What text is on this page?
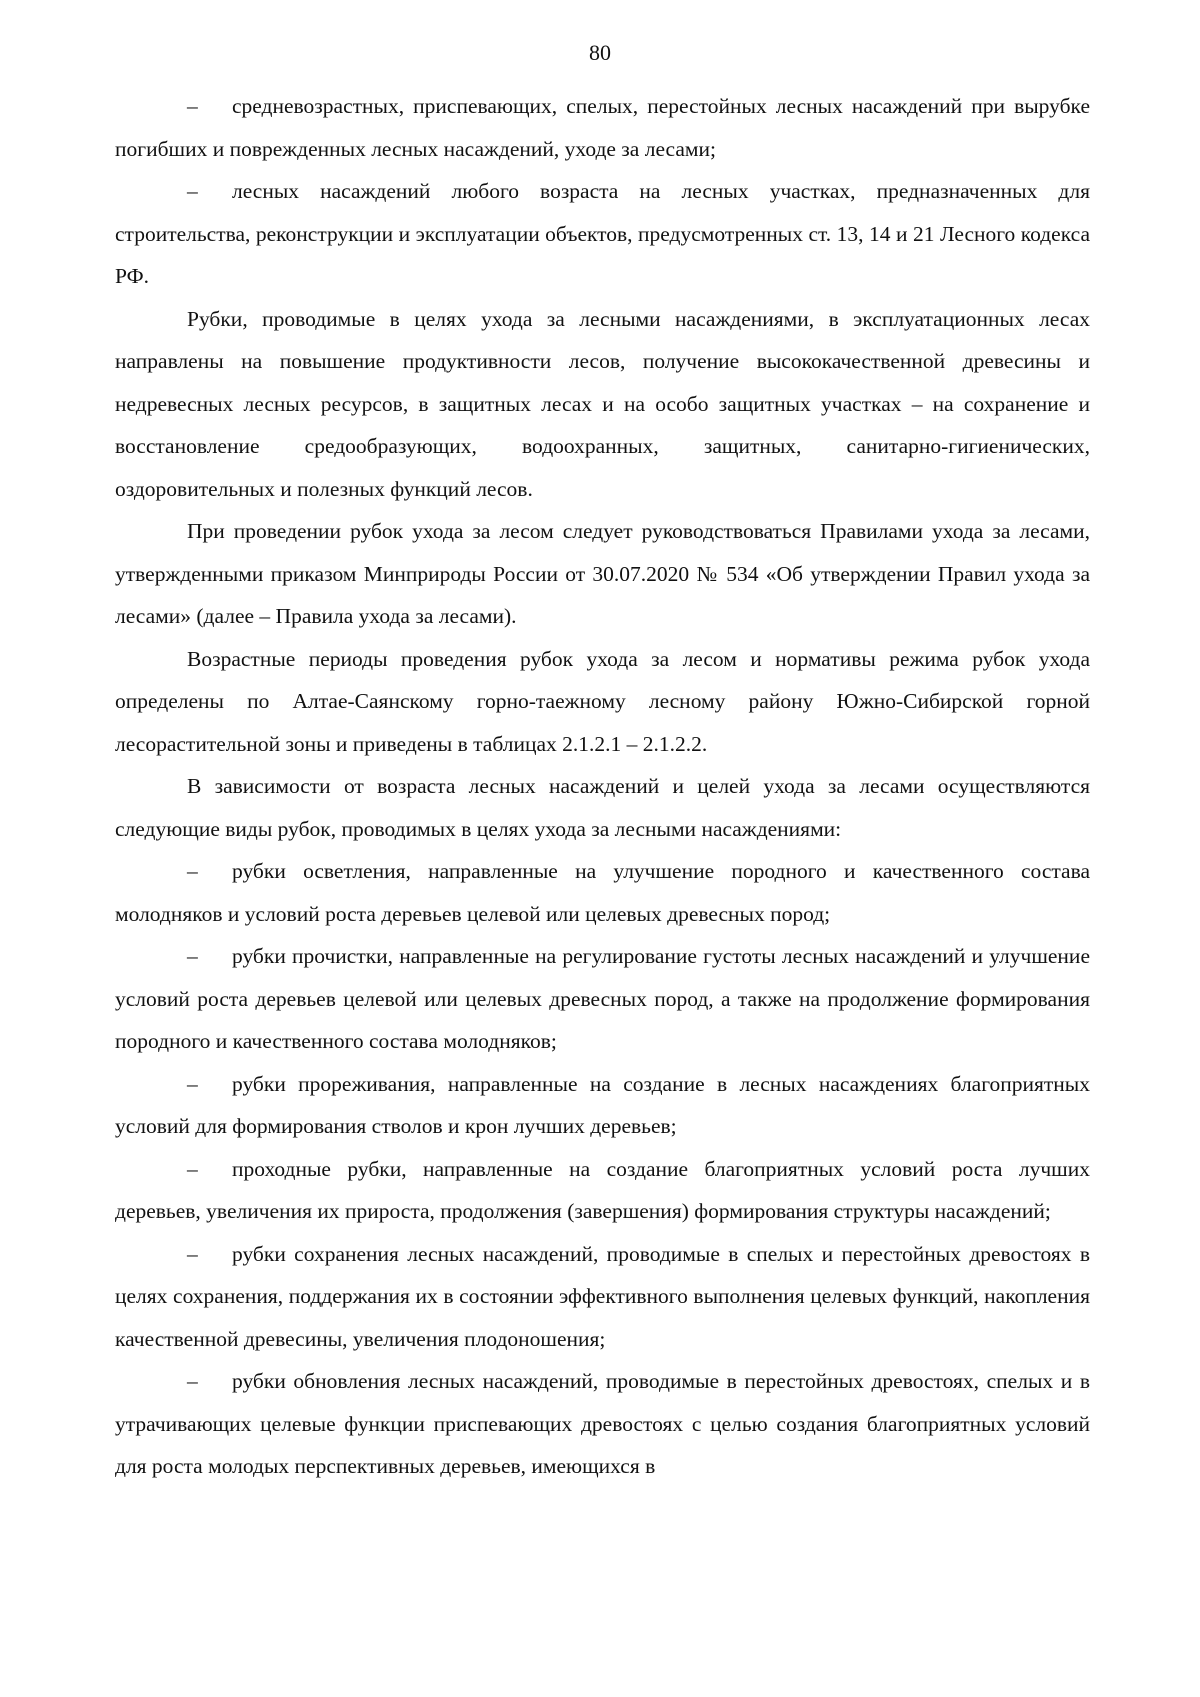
80

– средневозрастных, приспевающих, спелых, перестойных лесных насаждений при вырубке погибших и поврежденных лесных насаждений, уходе за лесами;

– лесных насаждений любого возраста на лесных участках, предназначенных для строительства, реконструкции и эксплуатации объектов, предусмотренных ст. 13, 14 и 21 Лесного кодекса РФ.

Рубки, проводимые в целях ухода за лесными насаждениями, в эксплуатационных лесах направлены на повышение продуктивности лесов, получение высококачественной древесины и недревесных лесных ресурсов, в защитных лесах и на особо защитных участках – на сохранение и восстановление средообразующих, водоохранных, защитных, санитарно-гигиенических, оздоровительных и полезных функций лесов.

При проведении рубок ухода за лесом следует руководствоваться Правилами ухода за лесами, утвержденными приказом Минприроды России от 30.07.2020 № 534 «Об утверждении Правил ухода за лесами» (далее – Правила ухода за лесами).

Возрастные периоды проведения рубок ухода за лесом и нормативы режима рубок ухода определены по Алтае-Саянскому горно-таежному лесному району Южно-Сибирской горной лесорастительной зоны и приведены в таблицах 2.1.2.1 – 2.1.2.2.

В зависимости от возраста лесных насаждений и целей ухода за лесами осуществляются следующие виды рубок, проводимых в целях ухода за лесными насаждениями:

– рубки осветления, направленные на улучшение породного и качественного состава молодняков и условий роста деревьев целевой или целевых древесных пород;

– рубки прочистки, направленные на регулирование густоты лесных насаждений и улучшение условий роста деревьев целевой или целевых древесных пород, а также на продолжение формирования породного и качественного состава молодняков;

– рубки прореживания, направленные на создание в лесных насаждениях благоприятных условий для формирования стволов и крон лучших деревьев;

– проходные рубки, направленные на создание благоприятных условий роста лучших деревьев, увеличения их прироста, продолжения (завершения) формирования структуры насаждений;

– рубки сохранения лесных насаждений, проводимые в спелых и перестойных древостоях в целях сохранения, поддержания их в состоянии эффективного выполнения целевых функций, накопления качественной древесины, увеличения плодоношения;

– рубки обновления лесных насаждений, проводимые в перестойных древостоях, спелых и в утрачивающих целевые функции приспевающих древостоях с целью создания благоприятных условий для роста молодых перспективных деревьев, имеющихся в
